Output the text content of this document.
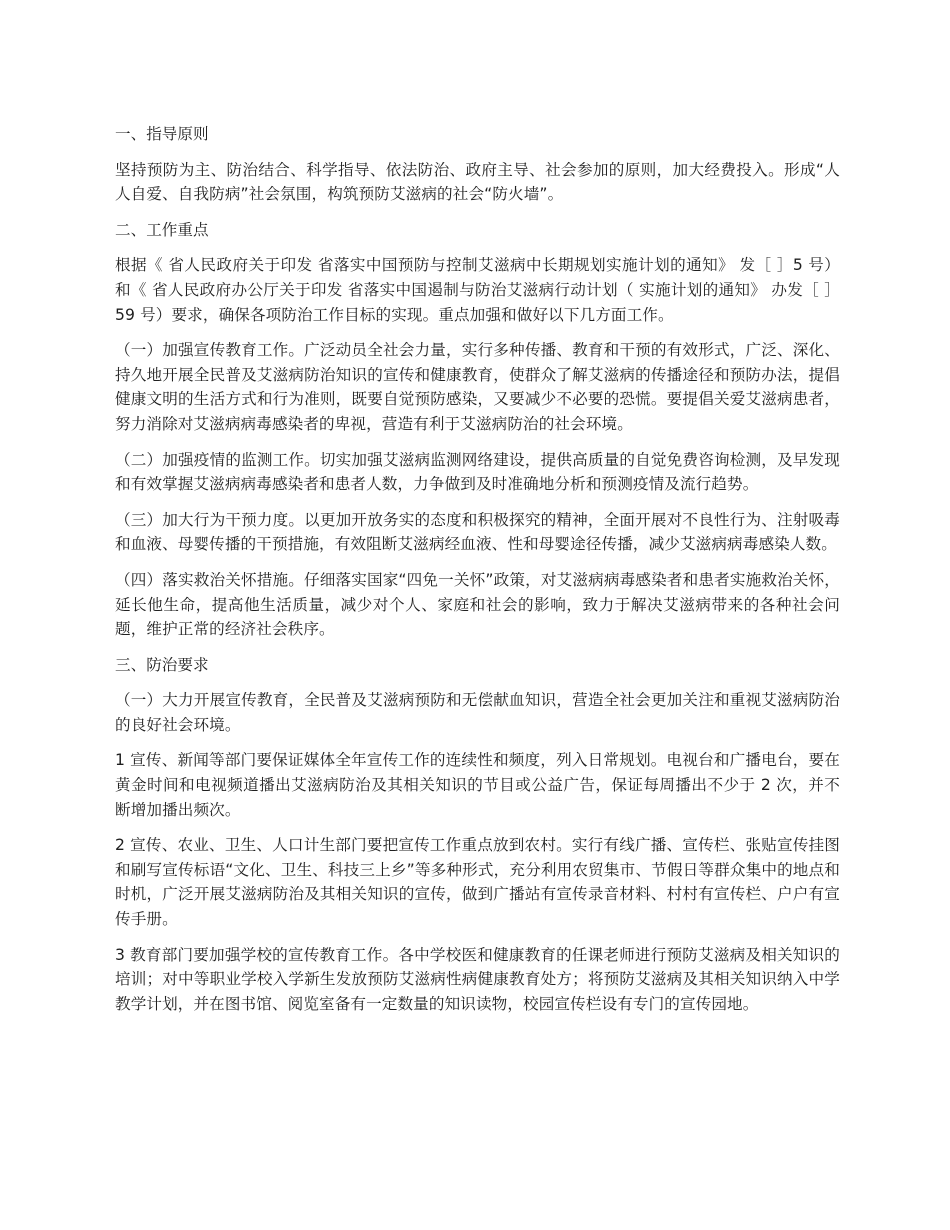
一、指导原则

坚持预防为主、防治结合、科学指导、依法防治、政府主导、社会参加的原则，加大经费投入。形成“人人自爱、自我防病”社会氛围，构筑预防艾滋病的社会“防火墙”。

二、工作重点

根据《 省人民政府关于印发 省落实中国预防与控制艾滋病中长期规划实施计划的通知》 发［ ］5 号）和《 省人民政府办公厅关于印发 省落实中国遏制与防治艾滋病行动计划（ 实施计划的通知》 办发［ ］59 号）要求，确保各项防治工作目标的实现。重点加强和做好以下几方面工作。

（一）加强宣传教育工作。广泛动员全社会力量，实行多种传播、教育和干预的有效形式，广泛、深化、持久地开展全民普及艾滋病防治知识的宣传和健康教育，使群众了解艾滋病的传播途径和预防办法，提倡健康文明的生活方式和行为准则，既要自觉预防感染，又要减少不必要的恐慌。要提倡关爱艾滋病患者，努力消除对艾滋病病毒感染者的卑视，营造有利于艾滋病防治的社会环境。

（二）加强疫情的监测工作。切实加强艾滋病监测网络建设，提供高质量的自觉免费咨询检测，及早发现和有效掌握艾滋病病毒感染者和患者人数，力争做到及时准确地分析和预测疫情及流行趋势。

（三）加大行为干预力度。以更加开放务实的态度和积极探究的精神，全面开展对不良性行为、注射吸毒和血液、母婴传播的干预措施，有效阻断艾滋病经血液、性和母婴途径传播，减少艾滋病病毒感染人数。

（四）落实救治关怀措施。仔细落实国家“四免一关怀”政策，对艾滋病病毒感染者和患者实施救治关怀，延长他生命，提高他生活质量，减少对个人、家庭和社会的影响，致力于解决艾滋病带来的各种社会问题，维护正常的经济社会秩序。

三、防治要求

（一）大力开展宣传教育，全民普及艾滋病预防和无偿献血知识，营造全社会更加关注和重视艾滋病防治的良好社会环境。

1 宣传、新闻等部门要保证媒体全年宣传工作的连续性和频度，列入日常规划。电视台和广播电台，要在黄金时间和电视频道播出艾滋病防治及其相关知识的节目或公益广告，保证每周播出不少于 2 次，并不断增加播出频次。

2 宣传、农业、卫生、人口计生部门要把宣传工作重点放到农村。实行有线广播、宣传栏、张贴宣传挂图和刷写宣传标语“文化、卫生、科技三上乡”等多种形式，充分利用农贸集市、节假日等群众集中的地点和时机，广泛开展艾滋病防治及其相关知识的宣传，做到广播站有宣传录音材料、村村有宣传栏、户户有宣传手册。

3 教育部门要加强学校的宣传教育工作。各中学校医和健康教育的任课老师进行预防艾滋病及相关知识的培训；对中等职业学校入学新生发放预防艾滋病性病健康教育处方；将预防艾滋病及其相关知识纳入中学教学计划，并在图书馆、阅览室备有一定数量的知识读物，校园宣传栏设有专门的宣传园地。
